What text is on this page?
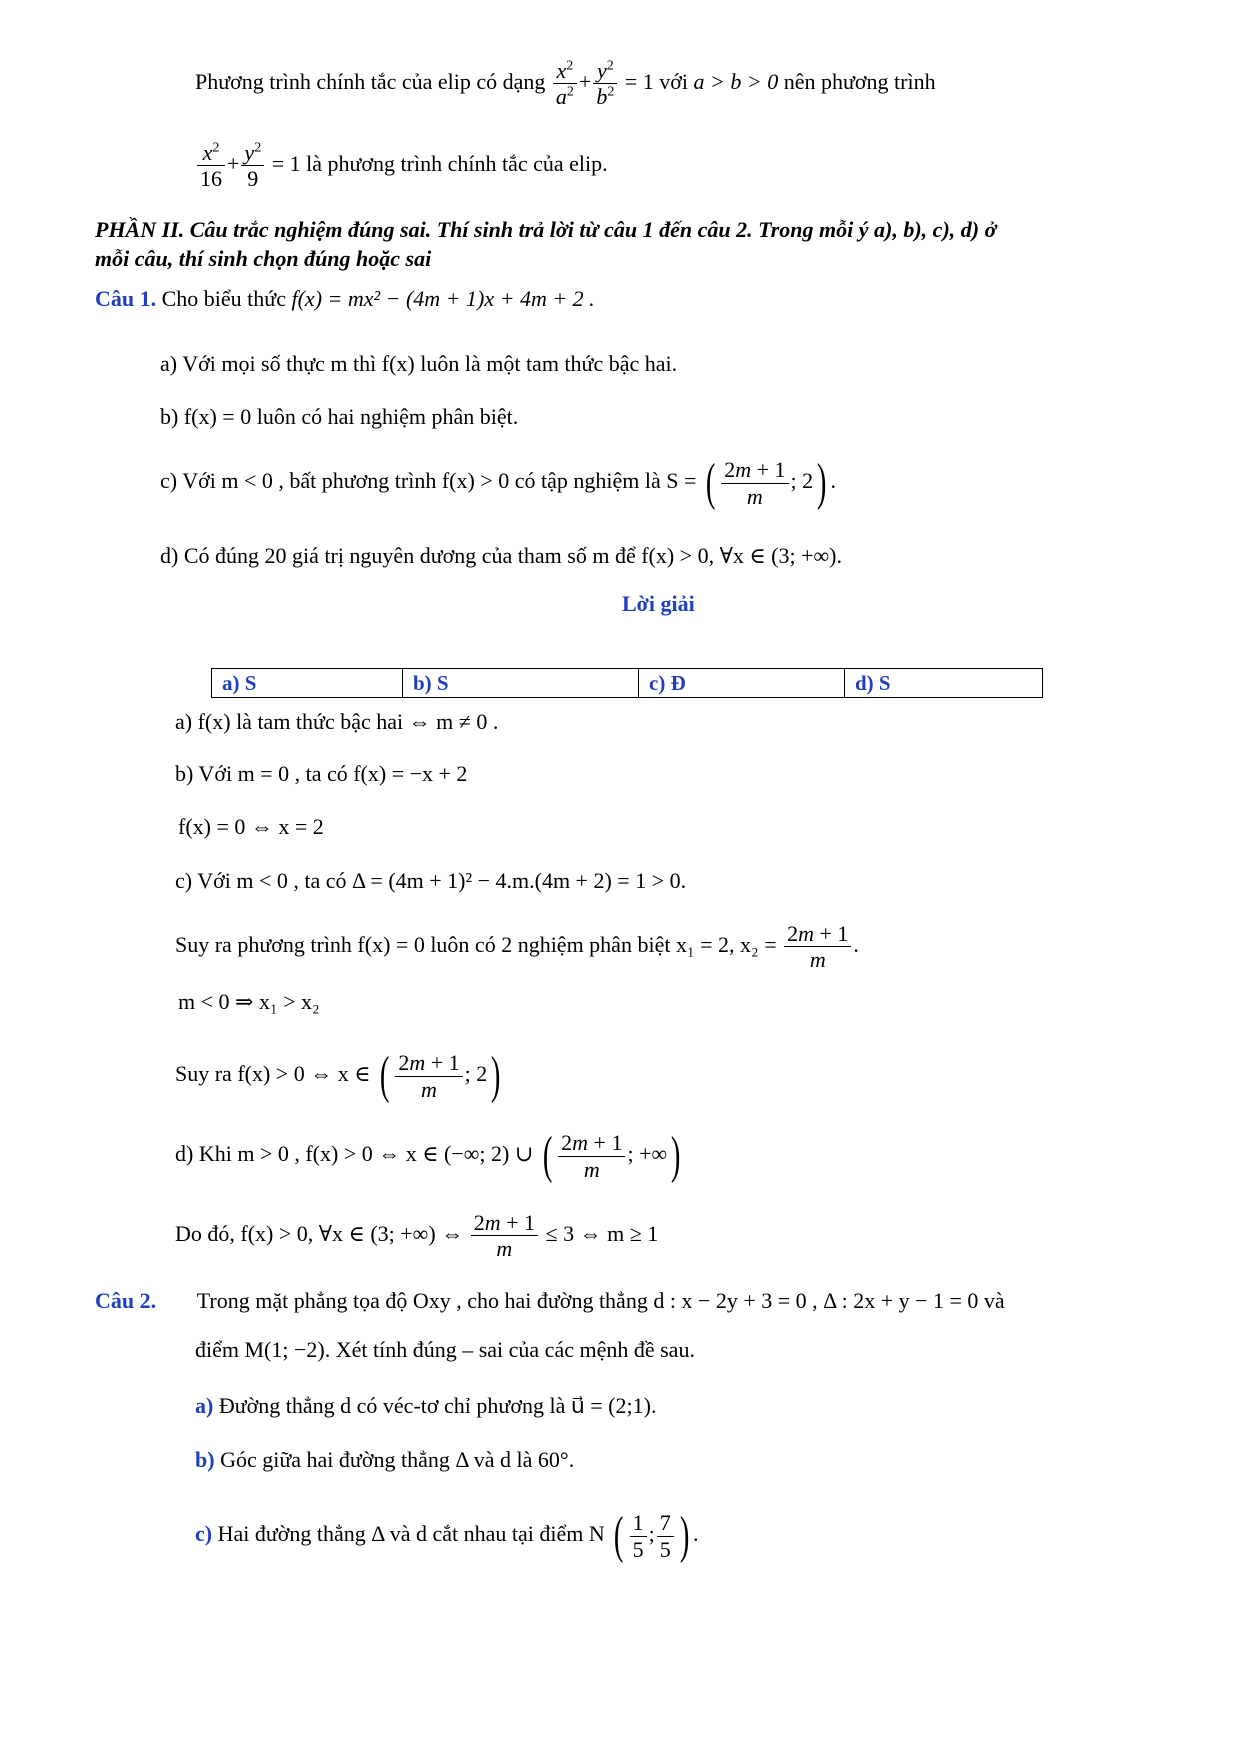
Phương trình chính tắc của elip có dạng $\frac{x^2}{a^2} + \frac{y^2}{b^2} = 1$ với a > b > 0 nên phương trình
$\frac{x^2}{16} + \frac{y^2}{9} = 1$ là phương trình chính tắc của elip.
PHẦN II. Câu trắc nghiệm đúng sai. Thí sinh trả lời từ câu 1 đến câu 2. Trong mỗi ý a), b), c), d) ở
mỗi câu, thí sinh chọn đúng hoặc sai
Câu 1. Cho biểu thức f(x) = mx² − (4m + 1)x + 4m + 2 .
a) Với mọi số thực m thì f(x) luôn là một tam thức bậc hai.
b) f(x) = 0 luôn có hai nghiệm phân biệt.
c) Với m < 0 , bất phương trình f(x) > 0 có tập nghiệm là S = ( $\frac{2m + 1}{m}$ ; 2) .
d) Có đúng 20 giá trị nguyên dương của tham số m để f(x) > 0, ∀x ∈ (3; +∞).
Lời giải
a) S	b) S	c) Đ	d) S
a) f(x) là tam thức bậc hai ⇔ m ≠ 0 .
b) Với m = 0 , ta có f(x) = −x + 2
f(x) = 0 ⇔ x = 2
c) Với m < 0 , ta có Δ = (4m + 1)² − 4.m.(4m + 2) = 1 > 0.
Suy ra phương trình f(x) = 0 luôn có 2 nghiệm phân biệt x₁ = 2, $x_2 = \frac{2m + 1}{m}$ .
m < 0 ⇒ x₁ > x₂
Suy ra f(x) > 0 ⇔ x ∈ ( $\frac{2m + 1}{m}$ ; 2)
d) Khi m > 0 , f(x) > 0 ⇔ x ∈ (−∞; 2) ∪ ( $\frac{2m + 1}{m}$ ; +∞)
Do đó, f(x) > 0, ∀x ∈ (3; +∞) ⇔ $\frac{2m + 1}{m} \le 3$ ⇔ m ≥ 1
Câu 2. Trong mặt phẳng tọa độ Oxy , cho hai đường thẳng d : x − 2y + 3 = 0 , Δ : 2x + y − 1 = 0 và
điểm M(1; −2). Xét tính đúng – sai của các mệnh đề sau.
a) Đường thẳng d có véc-tơ chỉ phương là u⃗ = (2;1).
b) Góc giữa hai đường thẳng Δ và d là 60°.
c) Hai đường thẳng Δ và d cắt nhau tại điểm N ( $\frac{1}{5}$ ; $\frac{7}{5}$ ) .
